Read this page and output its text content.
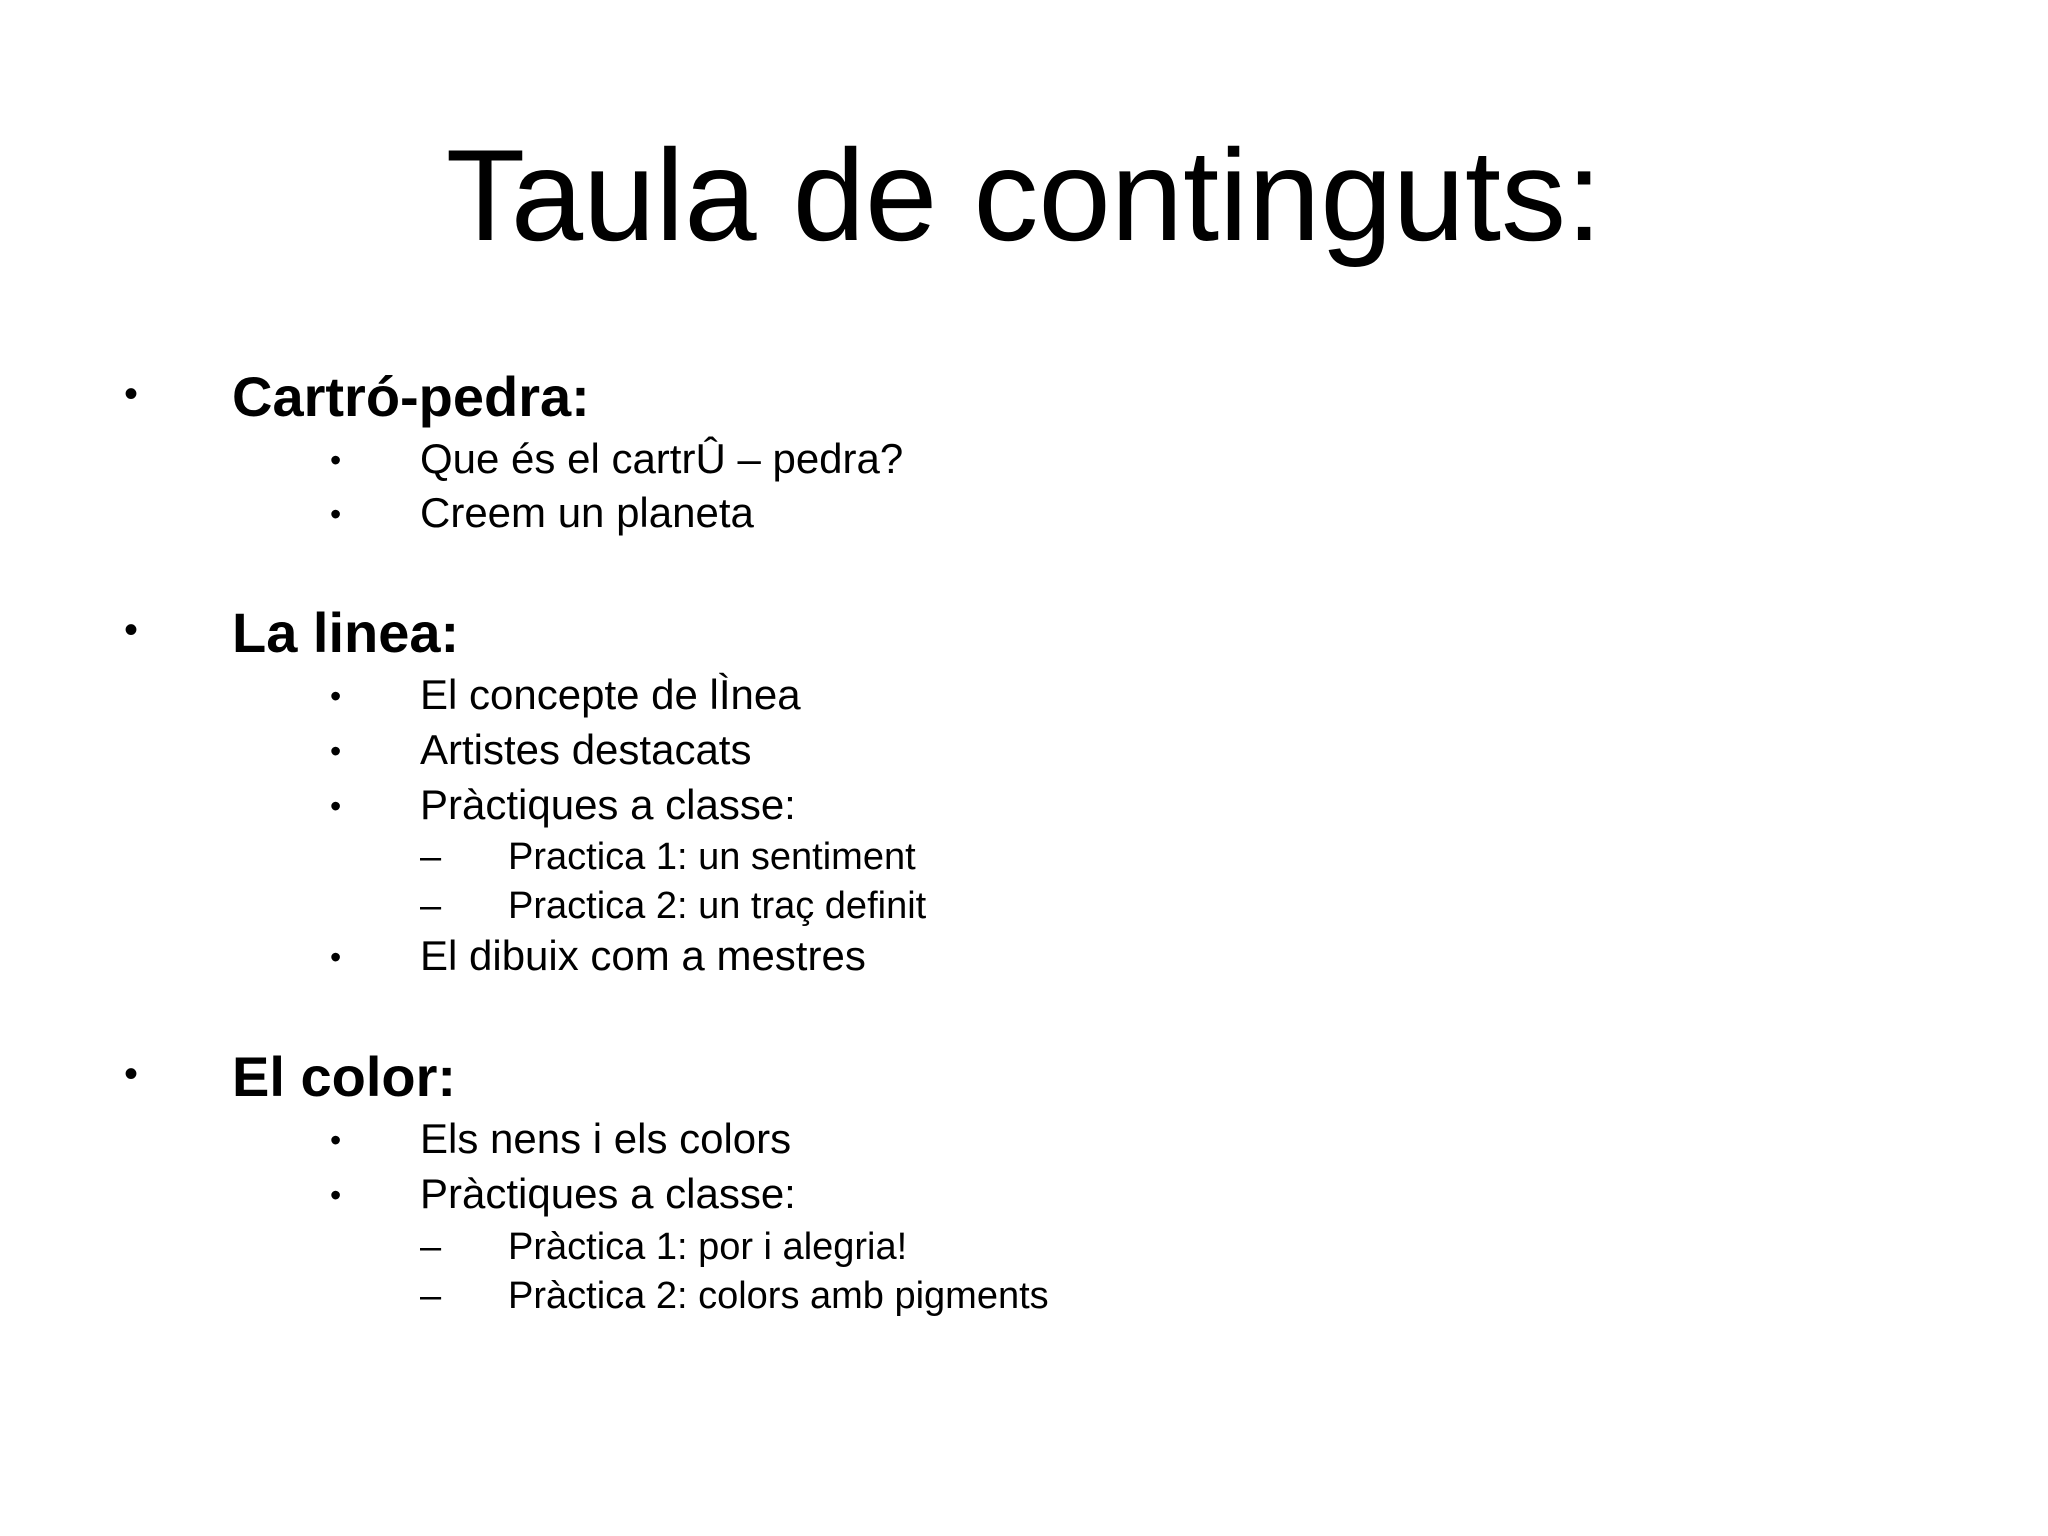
Taula de continguts:
• Cartró-pedra:
• Que és el cartrÛ – pedra?
• Creem un planeta
• La linea:
• El concepte de lÌnea
• Artistes destacats
• Pràctiques a classe:
– Practica 1: un sentiment
– Practica 2: un traç definit
• El dibuix com a mestres
• El color:
• Els nens i els colors
• Pràctiques a classe:
– Pràctica 1: por i alegria!
– Pràctica 2: colors amb pigments
